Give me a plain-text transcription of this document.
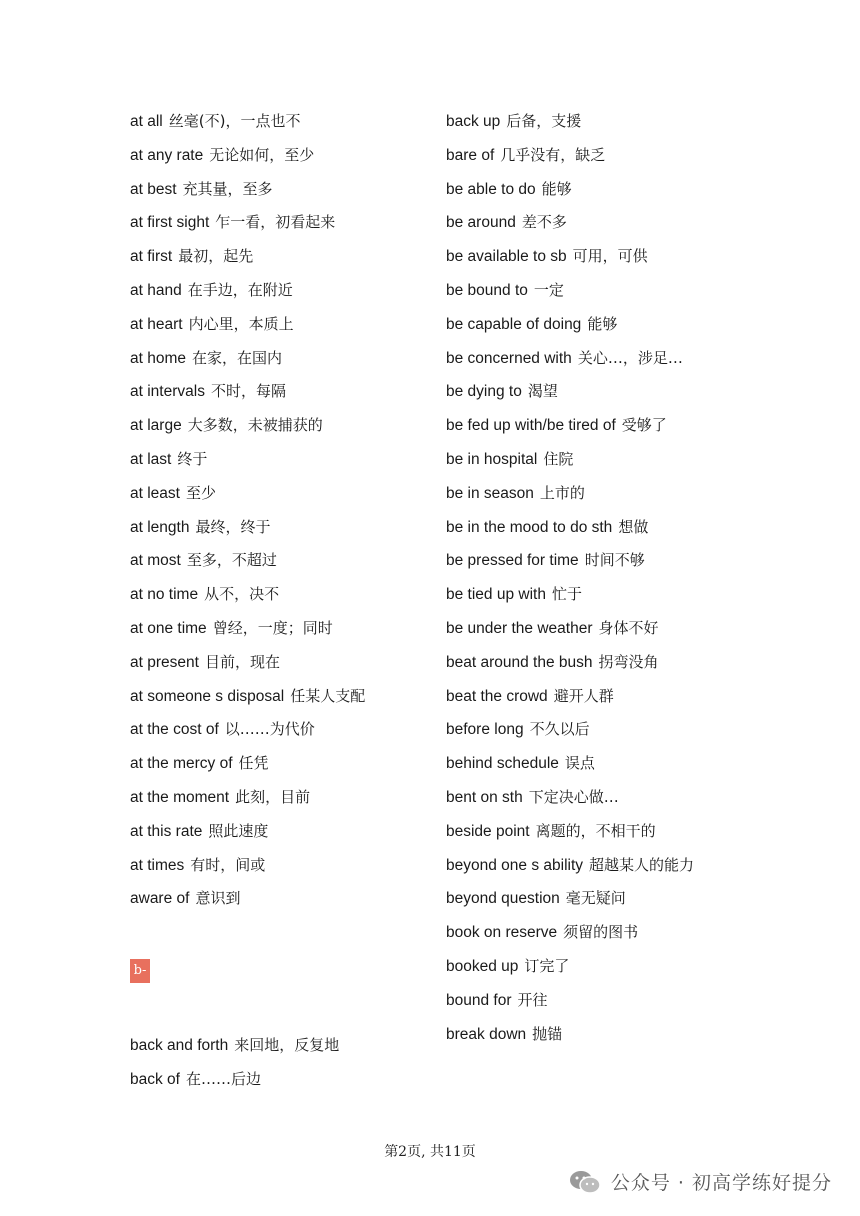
at all 丝毫(不)，一点也不
at any rate 无论如何，至少
at best 充其量，至多
at first sight 乍一看，初看起来
at first 最初，起先
at hand 在手边，在附近
at heart 内心里，本质上
at home 在家，在国内
at intervals 不时，每隔
at large 大多数，未被捕获的
at last 终于
at least 至少
at length 最终，终于
at most 至多，不超过
at no time 从不，决不
at one time 曾经，一度；同时
at present 目前，现在
at someone s disposal 任某人支配
at the cost of 以……为代价
at the mercy of 任凭
at the moment 此刻，目前
at this rate 照此速度
at times 有时，间或
aware of 意识到
b-
back and forth 来回地，反复地
back of 在……后边
back up 后备，支援
bare of 几乎没有，缺乏
be able to do 能够
be around 差不多
be available to sb 可用，可供
be bound to 一定
be capable of doing 能够
be concerned with 关心…，涉足…
be dying to 渴望
be fed up with/be tired of 受够了
be in hospital 住院
be in season 上市的
be in the mood to do sth 想做
be pressed for time 时间不够
be tied up with 忙于
be under the weather 身体不好
beat around the bush 拐弯没角
beat the crowd 避开人群
before long 不久以后
behind schedule 误点
bent on sth 下定决心做…
beside point 离题的，不相干的
beyond one s ability 超越某人的能力
beyond question 毫无疑问
book on reserve 须留的图书
booked up 订完了
bound for 开往
break down 抛锚
第2页, 共11页
公众号 · 初高学练好提分
